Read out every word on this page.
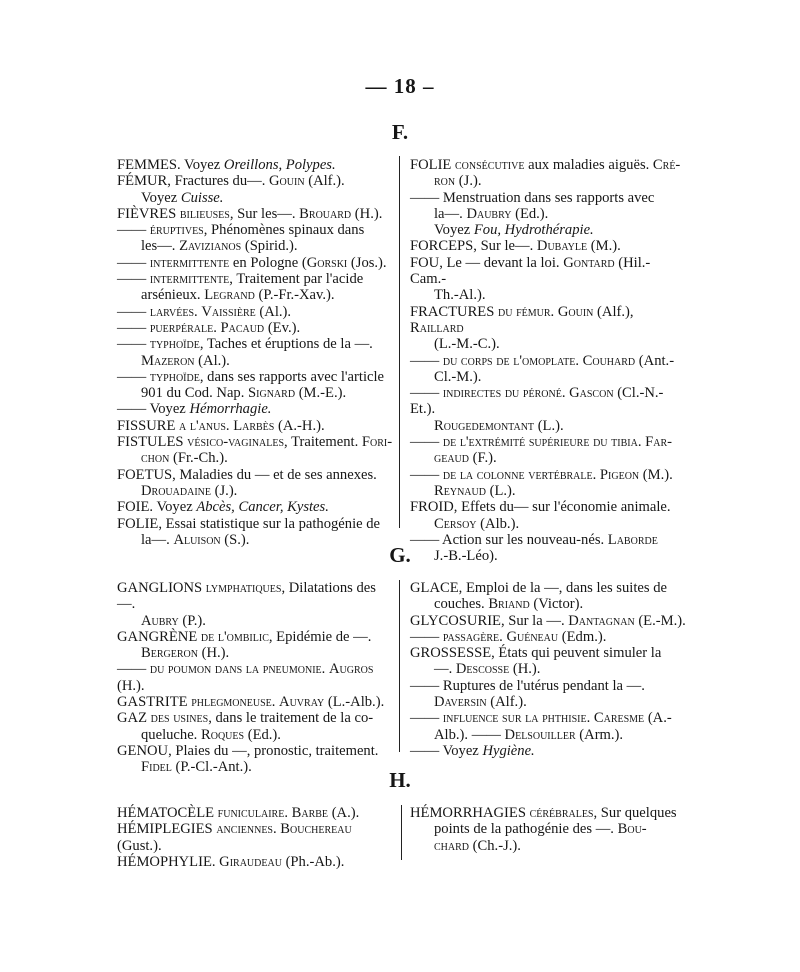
— 18 –
F.
FEMMES. Voyez Oreillons, Polypes.
FÉMUR, Fractures du—. Gouin (Alf.).
Voyez Cuisse.
FIÈVRES bilieuses, Sur les—. Brouard (H.).
—— éruptives, Phénomènes spinaux dans
les—. Zavizianos (Spirid.).
—— intermittente en Pologne (Gorski (Jos.).
—— intermittente, Traitement par l'acide
arsénieux. Legrand (P.-Fr.-Xav.).
—— larvées. Vaissière (Al.).
—— puerpérale. Pacaud (Ev.).
—— typhoïde, Taches et éruptions de la —.
Mazeron (Al.).
—— typhoïde, dans ses rapports avec l'article
901 du Cod. Nap. Signard (M.-E.).
—— Voyez Hémorrhagie.
FISSURE a l'anus. Larbès (A.-H.).
FISTULES vésico-vaginales, Traitement. Fori-
chon (Fr.-Ch.).
FOETUS, Maladies du — et de ses annexes.
Drouadaine (J.).
FOIE. Voyez Abcès, Cancer, Kystes.
FOLIE, Essai statistique sur la pathogénie de
la—. Aluison (S.).
FOLIE consécutive aux maladies aiguës. Cré-
ron (J.).
—— Menstruation dans ses rapports avec
la—. Daubry (Ed.).
Voyez Fou, Hydrothérapie.
FORCEPS, Sur le—. Dubayle (M.).
FOU, Le — devant la loi. Gontard (Hil.-Cam.-
Th.-Al.).
FRACTURES du fémur. Gouin (Alf.), Raillard
(L.-M.-C.).
—— du corps de l'omoplate. Couhard (Ant.-
Cl.-M.).
—— indirectes du péroné. Gascon (Cl.-N.-Et.).
Rougedemontant (L.).
—— de l'extrémité supérieure du tibia. Far-
geaud (F.).
—— de la colonne vertébrale. Pigeon (M.).
Reynaud (L.).
FROID, Effets du— sur l'économie animale.
Cersoy (Alb.).
—— Action sur les nouveau-nés. Laborde
J.-B.-Léo).
G.
GANGLIONS lymphatiques, Dilatations des—.
Aubry (P.).
GANGRÈNE de l'ombilic, Epidémie de —.
Bergeron (H.).
—— du poumon dans la pneumonie. Augros (H.).
GASTRITE phlegmoneuse. Auvray (L.-Alb.).
GAZ des usines, dans le traitement de la co-
queluche. Roques (Ed.).
GENOU, Plaies du —, pronostic, traitement.
Fidel (P.-Cl.-Ant.).
GLACE, Emploi de la —, dans les suites de
couches. Briand (Victor).
GLYCOSURIE, Sur la —. Dantagnan (E.-M.).
—— passagère. Guéneau (Edm.).
GROSSESSE, États qui peuvent simuler la
—. Descosse (H.).
—— Ruptures de l'utérus pendant la —.
Daversin (Alf.).
—— influence sur la phthisie. Caresme (A.-
Alb.). —— Delsouiller (Arm.).
—— Voyez Hygiène.
H.
HÉMATOCÈLE funiculaire. Barbe (A.).
HÉMIPLEGIES anciennes. Bouchereau (Gust.).
HÉMOPHYLIE. Giraudeau (Ph.-Ab.).
HÉMORRHAGIES cérébrales, Sur quelques
points de la pathogénie des —. Bou-
chard (Ch.-J.).
